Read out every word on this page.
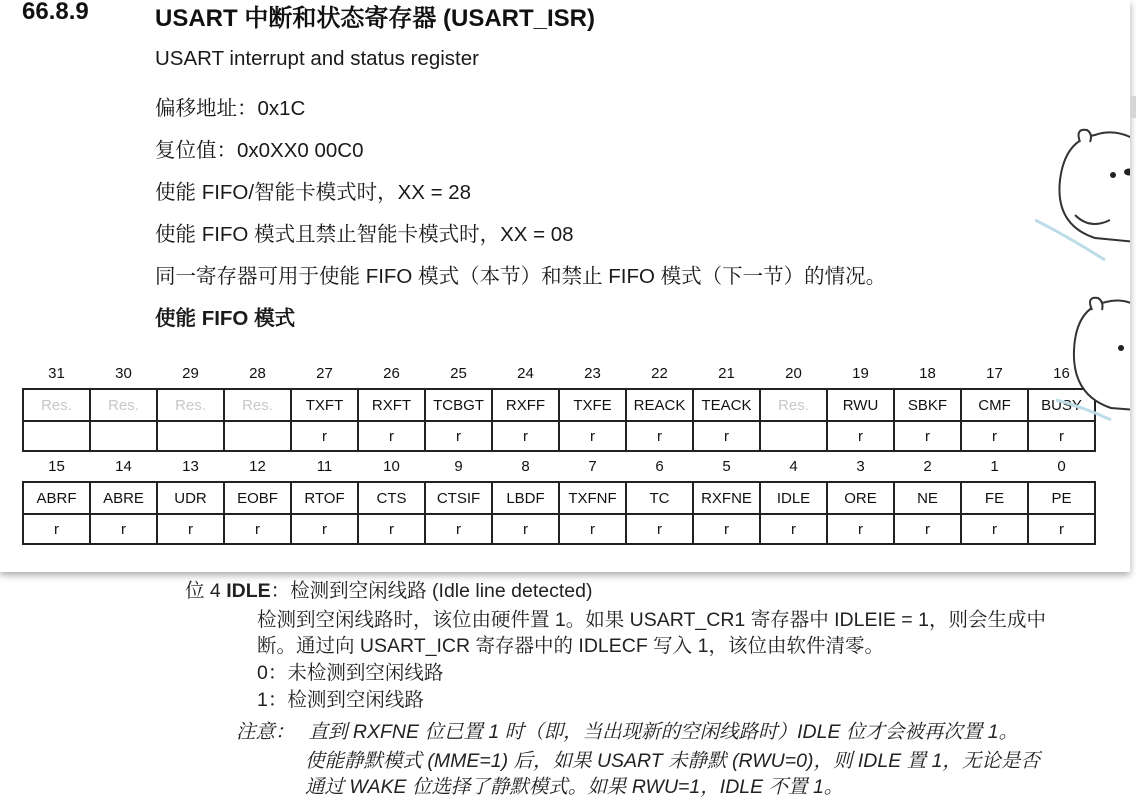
66.8.9	USART 中断和状态寄存器 (USART_ISR)
USART interrupt and status register
偏移地址：0x1C
复位值：0x0XX0 00C0
使能 FIFO/智能卡模式时，XX = 28
使能 FIFO 模式且禁止智能卡模式时，XX = 08
同一寄存器可用于使能 FIFO 模式（本节）和禁止 FIFO 模式（下一节）的情况。
使能 FIFO 模式
31	30	29	28	27	26	25	24	23	22	21	20	19	18	17	16
Res.	Res.	Res.	Res.	TXFT	RXFT	TCBGT	RXFF	TXFE	REACK	TEACK	Res.	RWU	SBKF	CMF	BUSY
				r	r	r	r	r	r	r		r	r	r	r
15	14	13	12	11	10	9	8	7	6	5	4	3	2	1	0
ABRF	ABRE	UDR	EOBF	RTOF	CTS	CTSIF	LBDF	TXFNF	TC	RXFNE	IDLE	ORE	NE	FE	PE
r	r	r	r	r	r	r	r	r	r	r	r	r	r	r	r
位 4 IDLE：检测到空闲线路 (Idle line detected)
检测到空闲线路时，该位由硬件置 1。如果 USART_CR1 寄存器中 IDLEIE = 1，则会生成中
断。通过向 USART_ICR 寄存器中的 IDLECF 写入 1，该位由软件清零。
0：未检测到空闲线路
1：检测到空闲线路
注意： 直到 RXFNE 位已置 1 时（即，当出现新的空闲线路时）IDLE 位才会被再次置 1。
使能静默模式 (MME=1) 后，如果 USART 未静默 (RWU=0)，则 IDLE 置 1，无论是否
通过 WAKE 位选择了静默模式。如果 RWU=1，IDLE 不置 1。
